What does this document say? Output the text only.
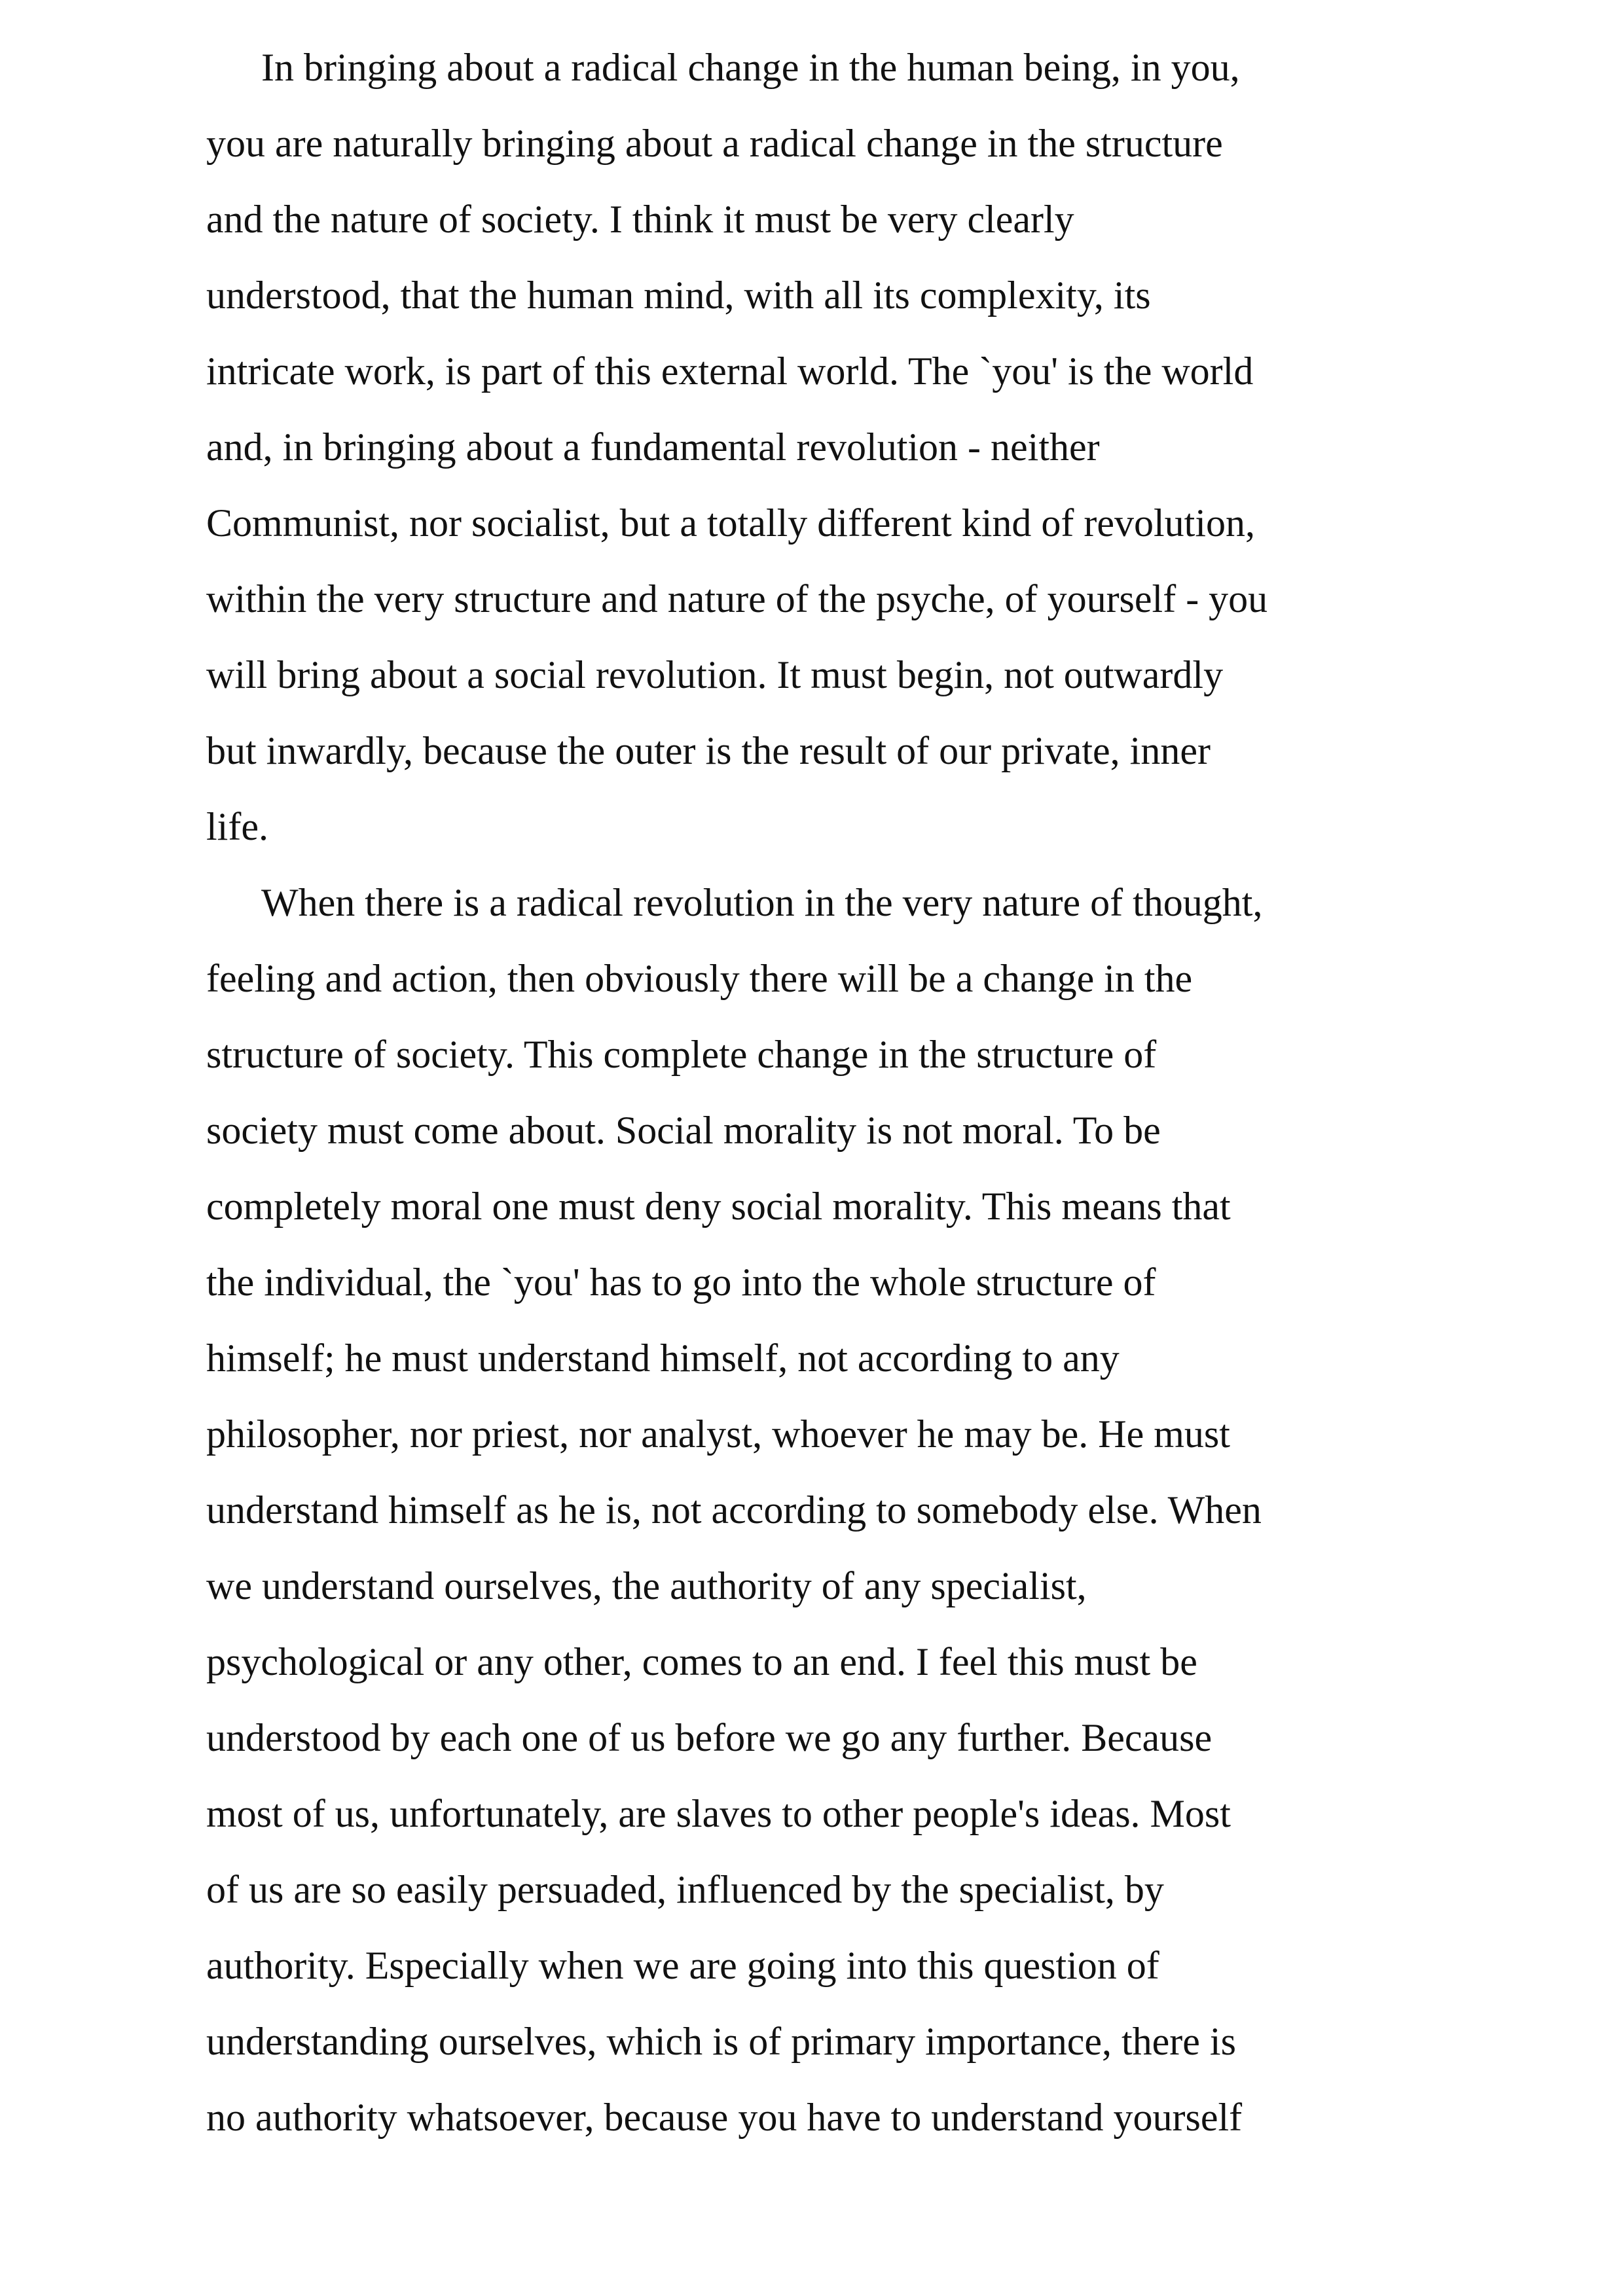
In bringing about a radical change in the human being, in you,
you are naturally bringing about a radical change in the structure
and the nature of society. I think it must be very clearly
understood, that the human mind, with all its complexity, its
intricate work, is part of this external world. The `you' is the world
and, in bringing about a fundamental revolution - neither
Communist, nor socialist, but a totally different kind of revolution,
within the very structure and nature of the psyche, of yourself - you
will bring about a social revolution. It must begin, not outwardly
but inwardly, because the outer is the result of our private, inner
life.
When there is a radical revolution in the very nature of thought,
feeling and action, then obviously there will be a change in the
structure of society. This complete change in the structure of
society must come about. Social morality is not moral. To be
completely moral one must deny social morality. This means that
the individual, the `you' has to go into the whole structure of
himself; he must understand himself, not according to any
philosopher, nor priest, nor analyst, whoever he may be. He must
understand himself as he is, not according to somebody else. When
we understand ourselves, the authority of any specialist,
psychological or any other, comes to an end. I feel this must be
understood by each one of us before we go any further. Because
most of us, unfortunately, are slaves to other people's ideas. Most
of us are so easily persuaded, influenced by the specialist, by
authority. Especially when we are going into this question of
understanding ourselves, which is of primary importance, there is
no authority whatsoever, because you have to understand yourself
